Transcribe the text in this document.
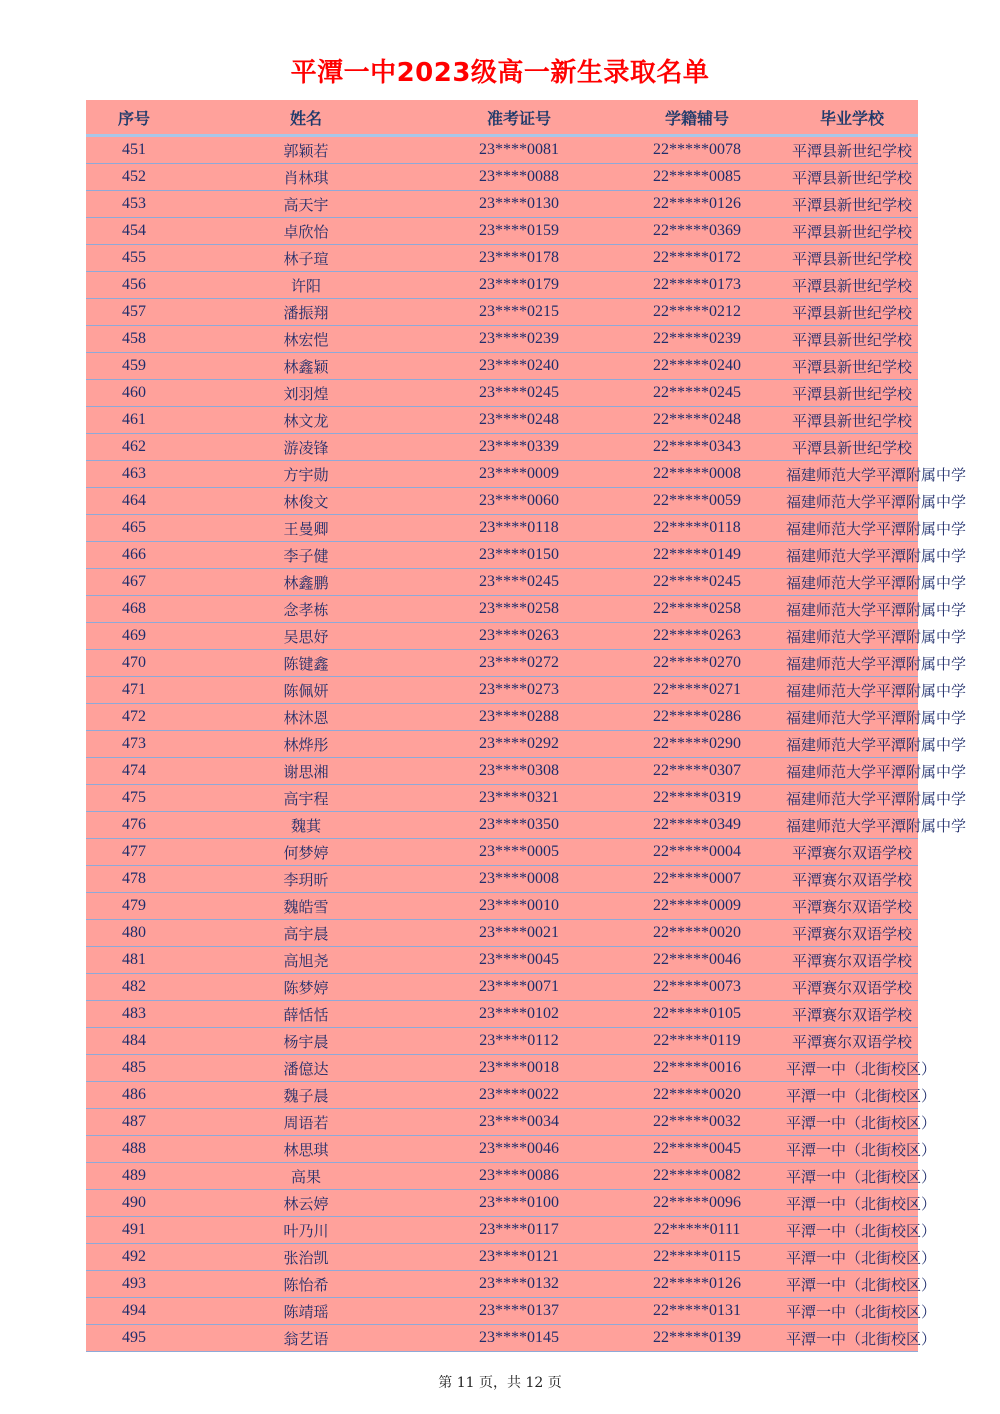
平潭一中2023级高一新生录取名单
序号	姓名	准考证号	学籍辅号	毕业学校
451	郭颖若	23****0081	22*****0078	平潭县新世纪学校
452	肖林琪	23****0088	22*****0085	平潭县新世纪学校
453	高天宇	23****0130	22*****0126	平潭县新世纪学校
454	卓欣怡	23****0159	22*****0369	平潭县新世纪学校
455	林子瑄	23****0178	22*****0172	平潭县新世纪学校
456	许阳	23****0179	22*****0173	平潭县新世纪学校
457	潘振翔	23****0215	22*****0212	平潭县新世纪学校
458	林宏恺	23****0239	22*****0239	平潭县新世纪学校
459	林鑫颖	23****0240	22*****0240	平潭县新世纪学校
460	刘羽煌	23****0245	22*****0245	平潭县新世纪学校
461	林文龙	23****0248	22*****0248	平潭县新世纪学校
462	游凌锋	23****0339	22*****0343	平潭县新世纪学校
463	方宇勋	23****0009	22*****0008	福建师范大学平潭附属中学
464	林俊文	23****0060	22*****0059	福建师范大学平潭附属中学
465	王曼卿	23****0118	22*****0118	福建师范大学平潭附属中学
466	李子健	23****0150	22*****0149	福建师范大学平潭附属中学
467	林鑫鹏	23****0245	22*****0245	福建师范大学平潭附属中学
468	念孝栋	23****0258	22*****0258	福建师范大学平潭附属中学
469	吴思妤	23****0263	22*****0263	福建师范大学平潭附属中学
470	陈键鑫	23****0272	22*****0270	福建师范大学平潭附属中学
471	陈佩妍	23****0273	22*****0271	福建师范大学平潭附属中学
472	林沐恩	23****0288	22*****0286	福建师范大学平潭附属中学
473	林烨彤	23****0292	22*****0290	福建师范大学平潭附属中学
474	谢思湘	23****0308	22*****0307	福建师范大学平潭附属中学
475	高宇程	23****0321	22*****0319	福建师范大学平潭附属中学
476	魏萁	23****0350	22*****0349	福建师范大学平潭附属中学
477	何梦婷	23****0005	22*****0004	平潭赛尔双语学校
478	李玥昕	23****0008	22*****0007	平潭赛尔双语学校
479	魏皓雪	23****0010	22*****0009	平潭赛尔双语学校
480	高宇晨	23****0021	22*****0020	平潭赛尔双语学校
481	高旭尧	23****0045	22*****0046	平潭赛尔双语学校
482	陈梦婷	23****0071	22*****0073	平潭赛尔双语学校
483	薛恬恬	23****0102	22*****0105	平潭赛尔双语学校
484	杨宇晨	23****0112	22*****0119	平潭赛尔双语学校
485	潘億达	23****0018	22*****0016	平潭一中（北街校区）
486	魏子晨	23****0022	22*****0020	平潭一中（北街校区）
487	周语若	23****0034	22*****0032	平潭一中（北街校区）
488	林思琪	23****0046	22*****0045	平潭一中（北街校区）
489	高果	23****0086	22*****0082	平潭一中（北街校区）
490	林云婷	23****0100	22*****0096	平潭一中（北街校区）
491	叶乃川	23****0117	22*****0111	平潭一中（北街校区）
492	张治凯	23****0121	22*****0115	平潭一中（北街校区）
493	陈怡希	23****0132	22*****0126	平潭一中（北街校区）
494	陈靖瑶	23****0137	22*****0131	平潭一中（北街校区）
495	翁艺语	23****0145	22*****0139	平潭一中（北街校区）
第 11 页，共 12 页
